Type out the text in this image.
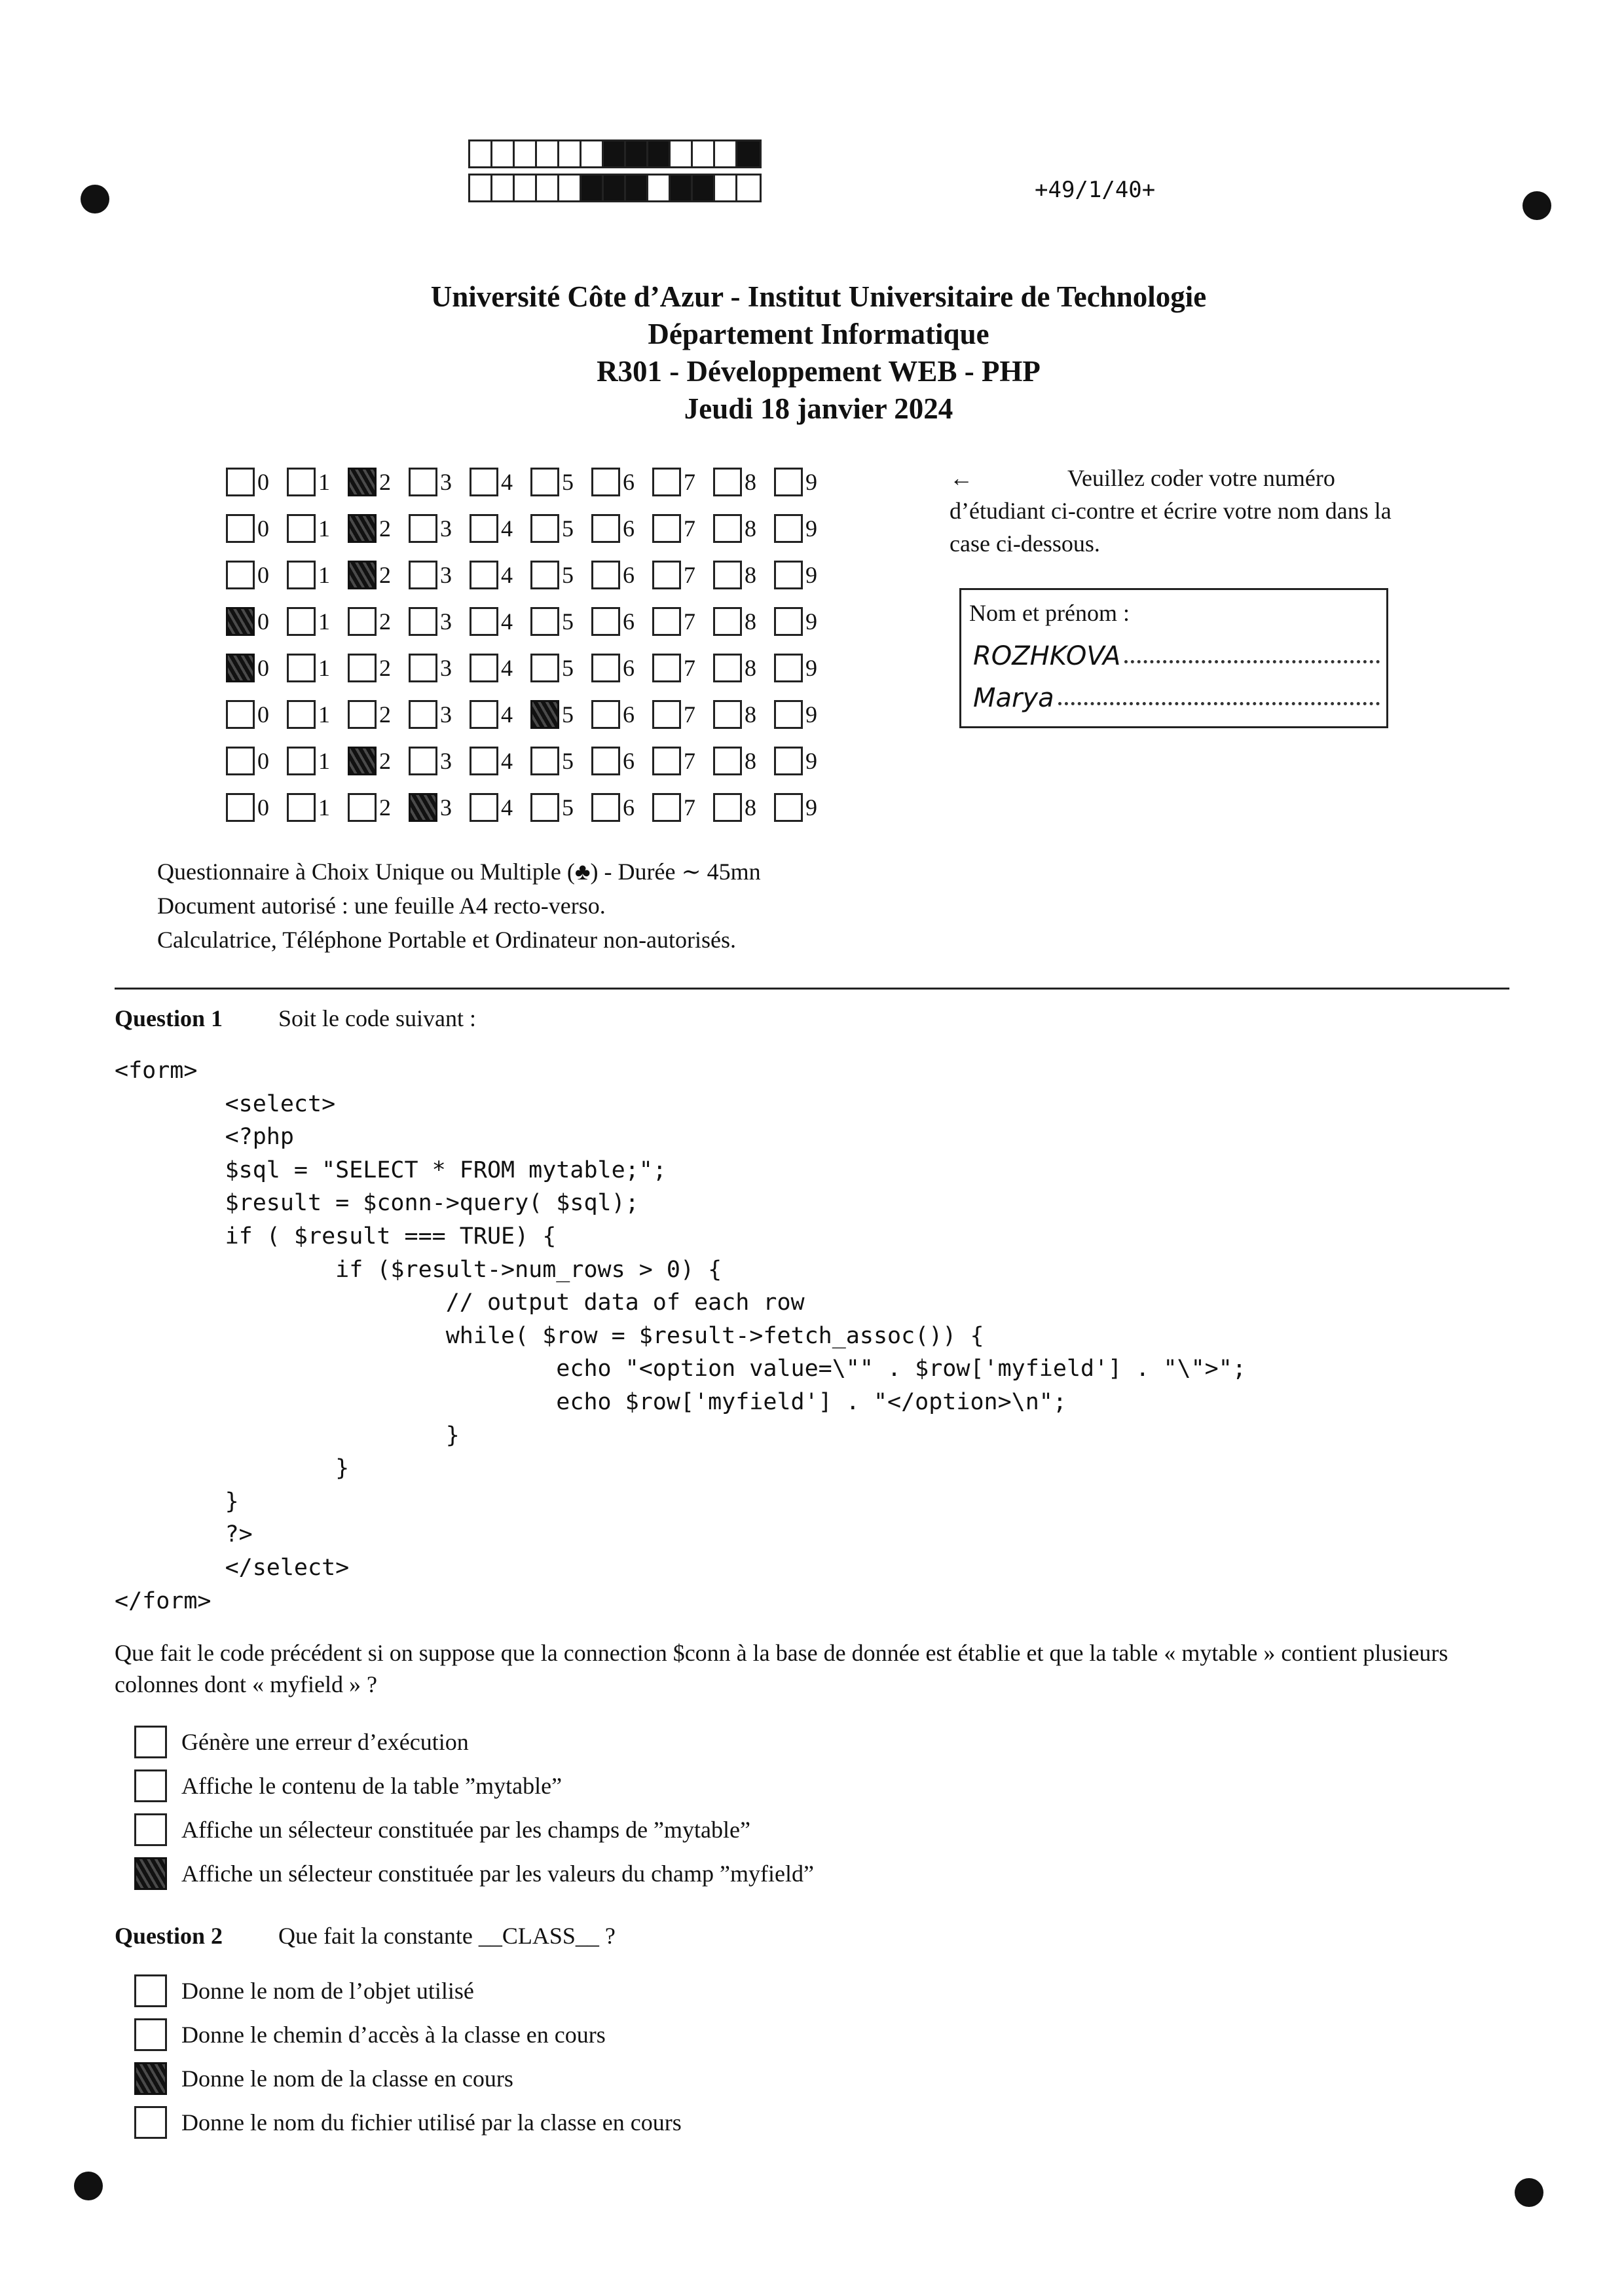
+49/1/40+
Université Côte d’Azur - Institut Universitaire de Technologie
Département Informatique
R301 - Développement WEB - PHP
Jeudi 18 janvier 2024
0 1 2 3 4 5 6 7 8 9
0 1 2 3 4 5 6 7 8 9
0 1 2 3 4 5 6 7 8 9
0 1 2 3 4 5 6 7 8 9
0 1 2 3 4 5 6 7 8 9
0 1 2 3 4 5 6 7 8 9
0 1 2 3 4 5 6 7 8 9
0 1 2 3 4 5 6 7 8 9
←	Veuillez coder votre numéro d’étudiant ci-contre et écrire votre nom dans la case ci-dessous.
Nom et prénom :
ROZHKOVA
Marya
Questionnaire à Choix Unique ou Multiple (♣) - Durée ∼ 45mn
Document autorisé : une feuille A4 recto-verso.
Calculatrice, Téléphone Portable et Ordinateur non-autorisés.
Question 1 Soit le code suivant :
<form>
<select>
<?php
$sql = "SELECT * FROM mytable;";
$result = $conn->query( $sql);
if ( $result === TRUE) {
if ($result->num_rows > 0) {
// output data of each row
while( $row = $result->fetch_assoc()) {
echo "<option value=\"" . $row['myfield'] . "\">";
echo $row['myfield'] . "</option>\n";
}
}
}
?>
</select>
</form>
Que fait le code précédent si on suppose que la connection $conn à la base de donnée est établie et que la table « mytable » contient plusieurs colonnes dont « myfield » ?
Génère une erreur d’exécution
Affiche le contenu de la table ”mytable”
Affiche un sélecteur constituée par les champs de ”mytable”
Affiche un sélecteur constituée par les valeurs du champ ”myfield”
Question 2 Que fait la constante __CLASS__ ?
Donne le nom de l’objet utilisé
Donne le chemin d’accès à la classe en cours
Donne le nom de la classe en cours
Donne le nom du fichier utilisé par la classe en cours
